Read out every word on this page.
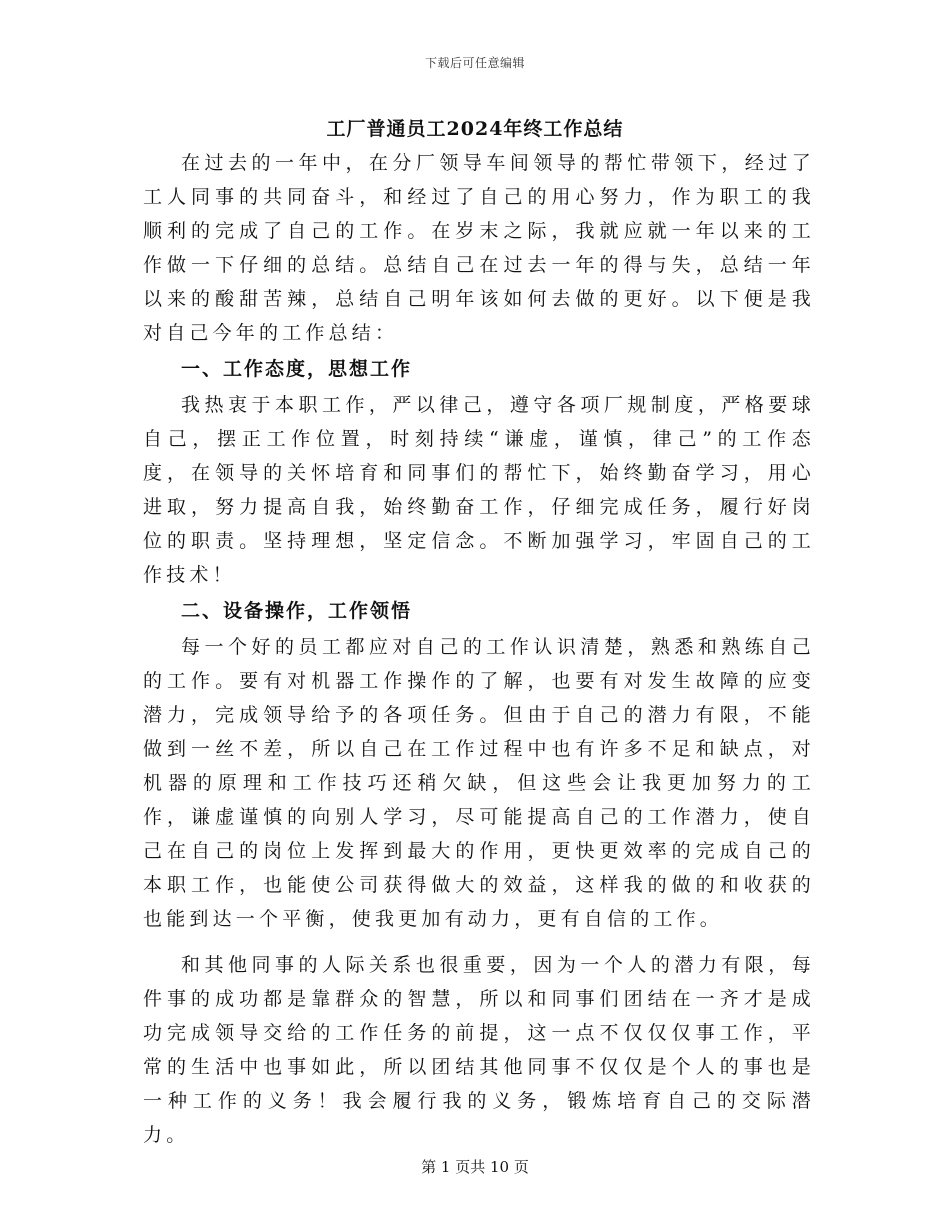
下载后可任意编辑
工厂普通员工2024年终工作总结

在过去的一年中，在分厂领导车间领导的帮忙带领下，经过了工人同事的共同奋斗，和经过了自己的用心努力，作为职工的我顺利的完成了自己的工作。在岁末之际，我就应就一年以来的工作做一下仔细的总结。总结自己在过去一年的得与失，总结一年以来的酸甜苦辣，总结自己明年该如何去做的更好。以下便是我对自己今年的工作总结：

一、工作态度，思想工作

我热衷于本职工作，严以律己，遵守各项厂规制度，严格要球自己，摆正工作位置，时刻持续“谦虚，谨慎，律己”的工作态度，在领导的关怀培育和同事们的帮忙下，始终勤奋学习，用心进取，努力提高自我，始终勤奋工作，仔细完成任务，履行好岗位的职责。坚持理想，坚定信念。不断加强学习，牢固自己的工作技术！

二、设备操作，工作领悟

每一个好的员工都应对自己的工作认识清楚，熟悉和熟练自己的工作。要有对机器工作操作的了解，也要有对发生故障的应变潜力，完成领导给予的各项任务。但由于自己的潜力有限，不能做到一丝不差，所以自己在工作过程中也有许多不足和缺点，对机器的原理和工作技巧还稍欠缺，但这些会让我更加努力的工作，谦虚谨慎的向别人学习，尽可能提高自己的工作潜力，使自己在自己的岗位上发挥到最大的作用，更快更效率的完成自己的本职工作，也能使公司获得做大的效益，这样我的做的和收获的也能到达一个平衡，使我更加有动力，更有自信的工作。

和其他同事的人际关系也很重要，因为一个人的潜力有限，每件事的成功都是靠群众的智慧，所以和同事们团结在一齐才是成功完成领导交给的工作任务的前提，这一点不仅仅仅事工作，平常的生活中也事如此，所以团结其他同事不仅仅是个人的事也是一种工作的义务！我会履行我的义务，锻炼培育自己的交际潜力。

第 1 页共 10 页
